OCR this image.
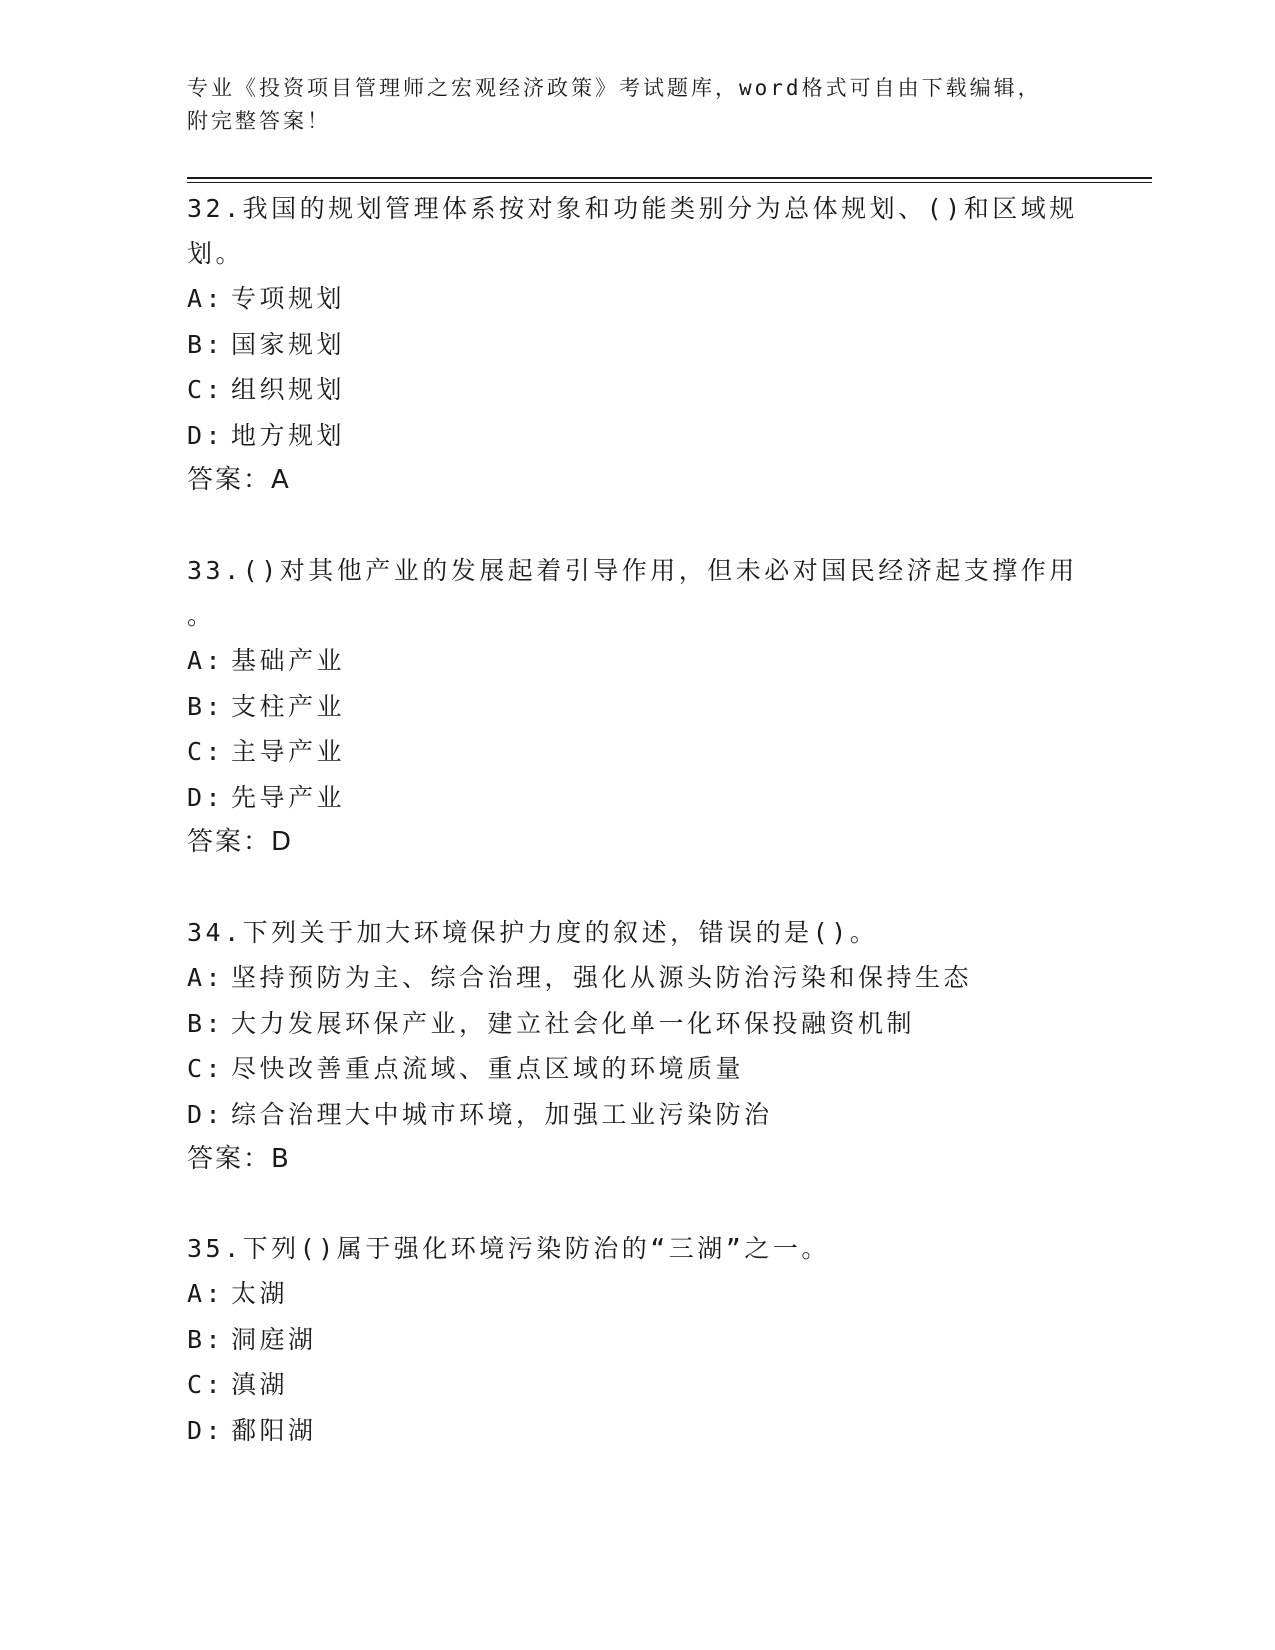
专业《投资项目管理师之宏观经济政策》考试题库，word格式可自由下载编辑，
附完整答案！
32.我国的规划管理体系按对象和功能类别分为总体规划、()和区域规
划。
A: 专项规划
B: 国家规划
C: 组织规划
D: 地方规划
答案：A
33.()对其他产业的发展起着引导作用，但未必对国民经济起支撑作用
。
A: 基础产业
B: 支柱产业
C: 主导产业
D: 先导产业
答案：D
34.下列关于加大环境保护力度的叙述，错误的是()。
A: 坚持预防为主、综合治理，强化从源头防治污染和保持生态
B: 大力发展环保产业，建立社会化单一化环保投融资机制
C: 尽快改善重点流域、重点区域的环境质量
D: 综合治理大中城市环境，加强工业污染防治
答案：B
35.下列()属于强化环境污染防治的“三湖”之一。
A: 太湖
B: 洞庭湖
C: 滇湖
D: 鄱阳湖
